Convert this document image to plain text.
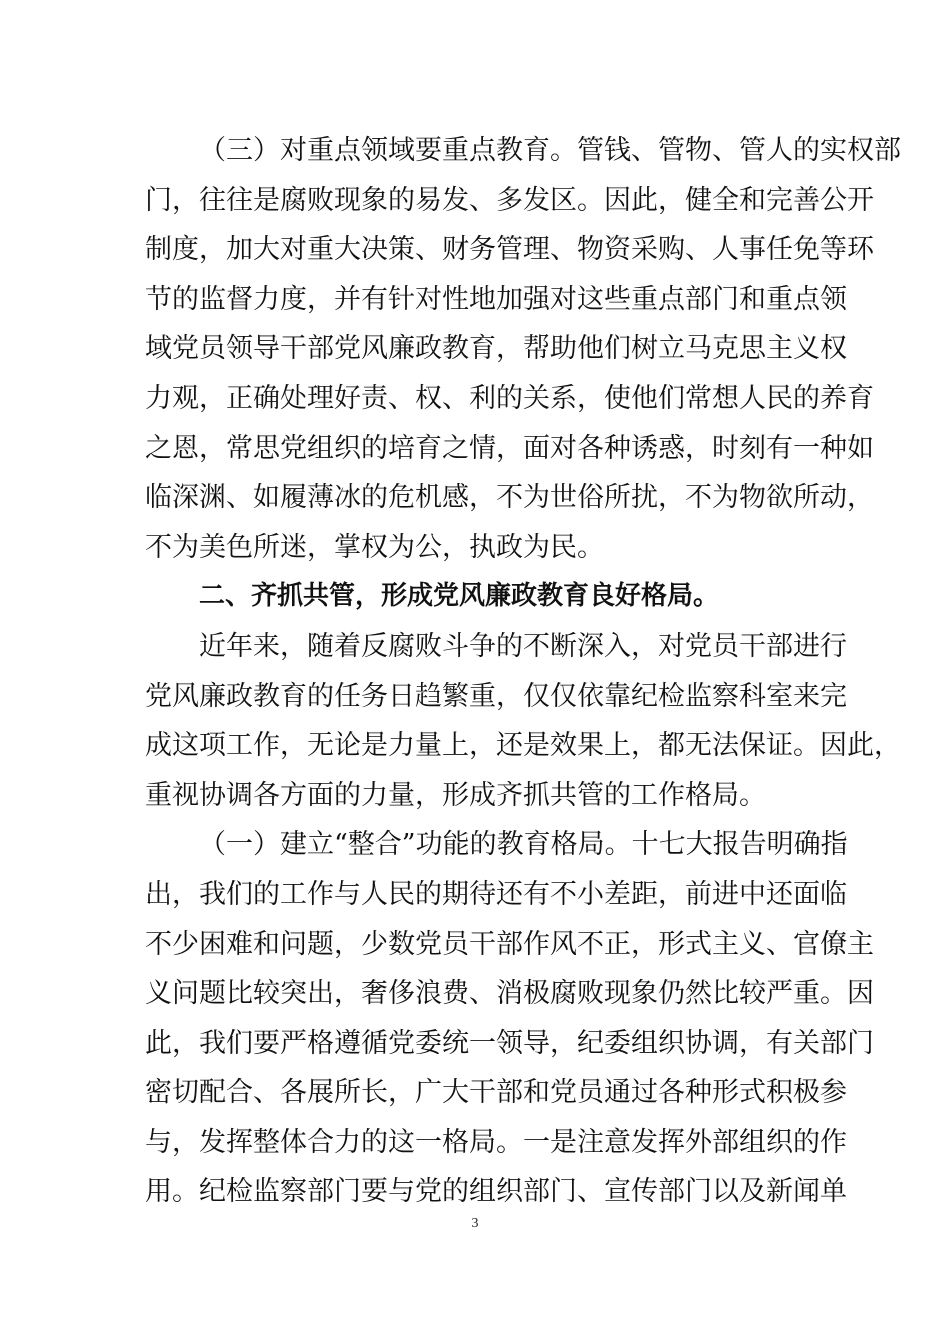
（三）对重点领域要重点教育。管钱、管物、管人的实权部
门，往往是腐败现象的易发、多发区。因此，健全和完善公开
制度，加大对重大决策、财务管理、物资采购、人事任免等环
节的监督力度，并有针对性地加强对这些重点部门和重点领
域党员领导干部党风廉政教育，帮助他们树立马克思主义权
力观，正确处理好责、权、利的关系，使他们常想人民的养育
之恩，常思党组织的培育之情，面对各种诱惑，时刻有一种如
临深渊、如履薄冰的危机感，不为世俗所扰，不为物欲所动，
不为美色所迷，掌权为公，执政为民。
二、齐抓共管，形成党风廉政教育良好格局。
近年来，随着反腐败斗争的不断深入，对党员干部进行
党风廉政教育的任务日趋繁重，仅仅依靠纪检监察科室来完
成这项工作，无论是力量上，还是效果上，都无法保证。因此，
重视协调各方面的力量，形成齐抓共管的工作格局。
（一）建立“整合”功能的教育格局。十七大报告明确指
出，我们的工作与人民的期待还有不小差距，前进中还面临
不少困难和问题，少数党员干部作风不正，形式主义、官僚主
义问题比较突出，奢侈浪费、消极腐败现象仍然比较严重。因
此，我们要严格遵循党委统一领导，纪委组织协调，有关部门
密切配合、各展所长，广大干部和党员通过各种形式积极参
与，发挥整体合力的这一格局。一是注意发挥外部组织的作
用。纪检监察部门要与党的组织部门、宣传部门以及新闻单
3
